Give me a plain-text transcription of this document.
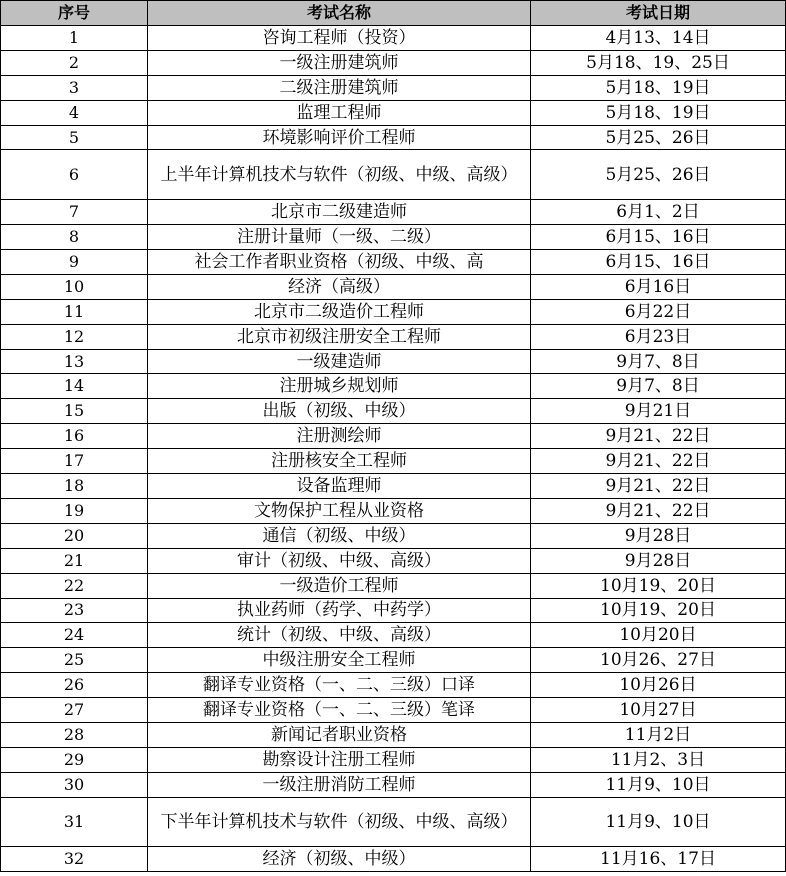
序号	考试名称	考试日期
1	咨询工程师（投资）	4月13、14日
2	一级注册建筑师	5月18、19、25日
3	二级注册建筑师	5月18、19日
4	监理工程师	5月18、19日
5	环境影响评价工程师	5月25、26日
6	上半年计算机技术与软件（初级、中级、高级）	5月25、26日
7	北京市二级建造师	6月1、2日
8	注册计量师（一级、二级）	6月15、16日
9	社会工作者职业资格（初级、中级、高	6月15、16日
10	经济（高级）	6月16日
11	北京市二级造价工程师	6月22日
12	北京市初级注册安全工程师	6月23日
13	一级建造师	9月7、8日
14	注册城乡规划师	9月7、8日
15	出版（初级、中级）	9月21日
16	注册测绘师	9月21、22日
17	注册核安全工程师	9月21、22日
18	设备监理师	9月21、22日
19	文物保护工程从业资格	9月21、22日
20	通信（初级、中级）	9月28日
21	审计（初级、中级、高级）	9月28日
22	一级造价工程师	10月19、20日
23	执业药师（药学、中药学）	10月19、20日
24	统计（初级、中级、高级）	10月20日
25	中级注册安全工程师	10月26、27日
26	翻译专业资格（一、二、三级）口译	10月26日
27	翻译专业资格（一、二、三级）笔译	10月27日
28	新闻记者职业资格	11月2日
29	勘察设计注册工程师	11月2、3日
30	一级注册消防工程师	11月9、10日
31	下半年计算机技术与软件（初级、中级、高级）	11月9、10日
32	经济（初级、中级）	11月16、17日
